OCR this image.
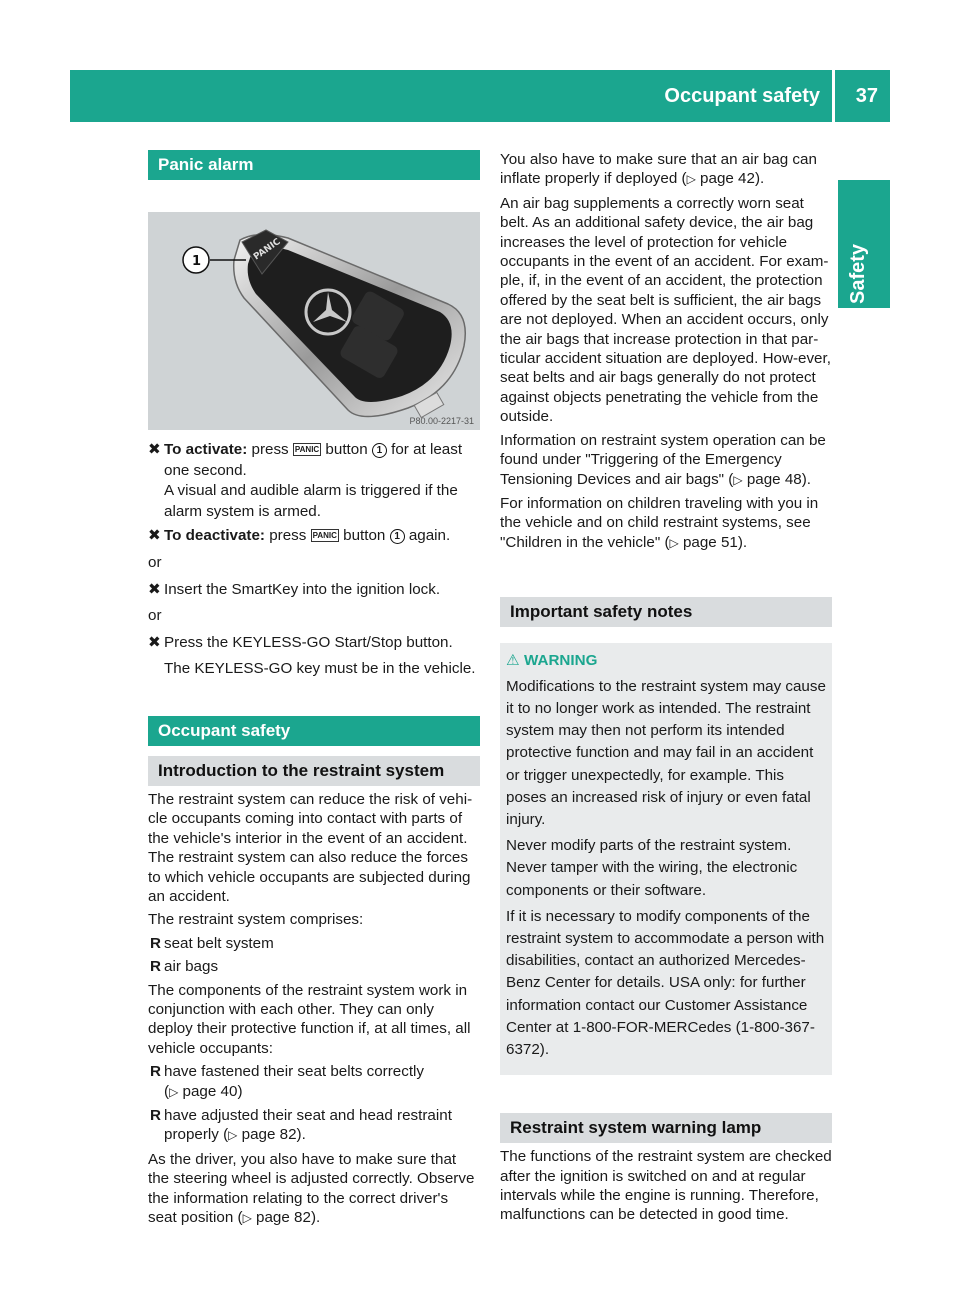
Occupant safety 37
Safety
Panic alarm
PANIC
1
P80.00-2217-31
✖ To activate: press PANIC button 1 for at least one second.
A visual and audible alarm is triggered if the alarm system is armed.
✖ To deactivate: press PANIC button 1 again.

or

✖ Insert the SmartKey into the ignition lock.

or

✖ Press the KEYLESS-GO Start/Stop button.
The KEYLESS-GO key must be in the vehicle.
Occupant safety
Introduction to the restraint system

The restraint system can reduce the risk of vehi-cle occupants coming into contact with parts of the vehicle's interior in the event of an accident. The restraint system can also reduce the forces to which vehicle occupants are subjected during an accident.

The restraint system comprises:

R seat belt system
R air bags

The components of the restraint system work in conjunction with each other. They can only deploy their protective function if, at all times, all vehicle occupants:

R have fastened their seat belts correctly
(▷ page 40)
R have adjusted their seat and head restraint properly (▷ page 82).

As the driver, you also have to make sure that the steering wheel is adjusted correctly. Observe the information relating to the correct driver's seat position (▷ page 82).

You also have to make sure that an air bag can inflate properly if deployed (▷ page 42).

An air bag supplements a correctly worn seat belt. As an additional safety device, the air bag increases the level of protection for vehicle occupants in the event of an accident. For exam-ple, if, in the event of an accident, the protection offered by the seat belt is sufficient, the air bags are not deployed. When an accident occurs, only the air bags that increase protection in that par-ticular accident situation are deployed. How-ever, seat belts and air bags generally do not protect against objects penetrating the vehicle from the outside.

Information on restraint system operation can be found under "Triggering of the Emergency Tensioning Devices and air bags" (▷ page 48).

For information on children traveling with you in the vehicle and on child restraint systems, see "Children in the vehicle" (▷ page 51).

Important safety notes
⚠ WARNING

Modifications to the restraint system may cause it to no longer work as intended. The restraint system may then not perform its intended protective function and may fail in an accident or trigger unexpectedly, for example. This poses an increased risk of injury or even fatal injury.

Never modify parts of the restraint system. Never tamper with the wiring, the electronic components or their software.

If it is necessary to modify components of the restraint system to accommodate a person with disabilities, contact an authorized Mercedes-Benz Center for details. USA only: for further information contact our Customer Assistance Center at 1-800-FOR-MERCedes (1-800-367-6372).

Restraint system warning lamp

The functions of the restraint system are checked after the ignition is switched on and at regular intervals while the engine is running. Therefore, malfunctions can be detected in good time.
